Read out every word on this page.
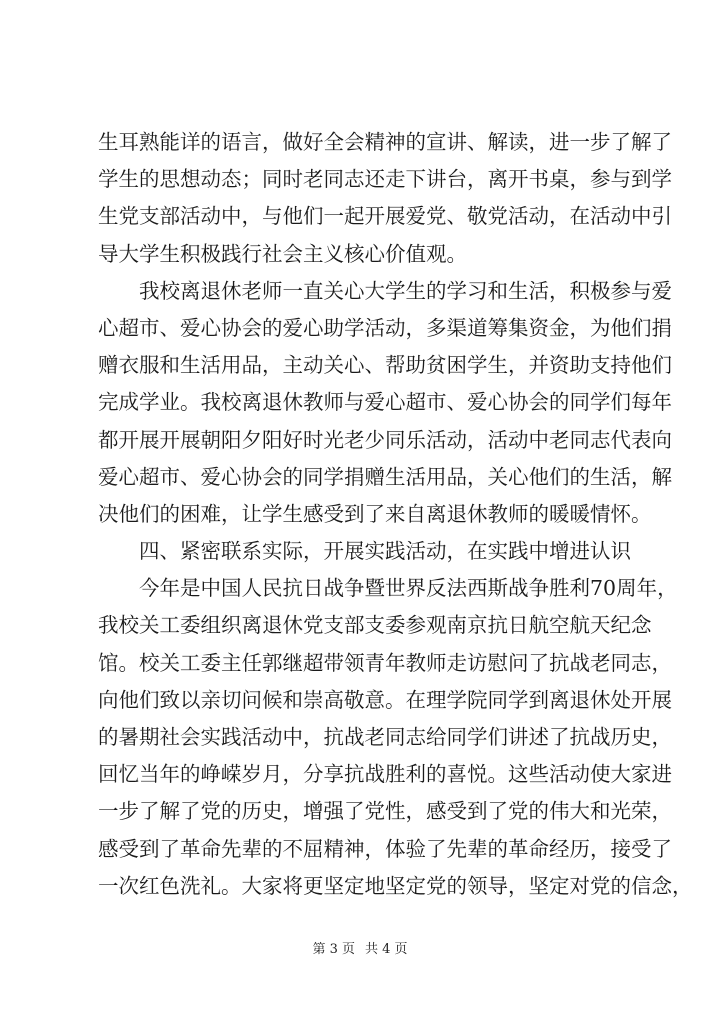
生耳熟能详的语言，做好全会精神的宣讲、解读，进一步了解了
学生的思想动态；同时老同志还走下讲台，离开书桌，参与到学
生党支部活动中，与他们一起开展爱党、敬党活动，在活动中引
导大学生积极践行社会主义核心价值观。
我校离退休老师一直关心大学生的学习和生活，积极参与爱
心超市、爱心协会的爱心助学活动，多渠道筹集资金，为他们捐
赠衣服和生活用品，主动关心、帮助贫困学生，并资助支持他们
完成学业。我校离退休教师与爱心超市、爱心协会的同学们每年
都开展开展朝阳夕阳好时光老少同乐活动，活动中老同志代表向
爱心超市、爱心协会的同学捐赠生活用品，关心他们的生活，解
决他们的困难，让学生感受到了来自离退休教师的暖暖情怀。
四、紧密联系实际，开展实践活动，在实践中增进认识
今年是中国人民抗日战争暨世界反法西斯战争胜利70周年，
我校关工委组织离退休党支部支委参观南京抗日航空航天纪念
馆。校关工委主任郭继超带领青年教师走访慰问了抗战老同志，
向他们致以亲切问候和崇高敬意。在理学院同学到离退休处开展
的暑期社会实践活动中，抗战老同志给同学们讲述了抗战历史，
回忆当年的峥嵘岁月，分享抗战胜利的喜悦。这些活动使大家进
一步了解了党的历史，增强了党性，感受到了党的伟大和光荣，
感受到了革命先辈的不屈精神，体验了先辈的革命经历，接受了
一次红色洗礼。大家将更坚定地坚定党的领导，坚定对党的信念，
第 3 页 共 4 页
